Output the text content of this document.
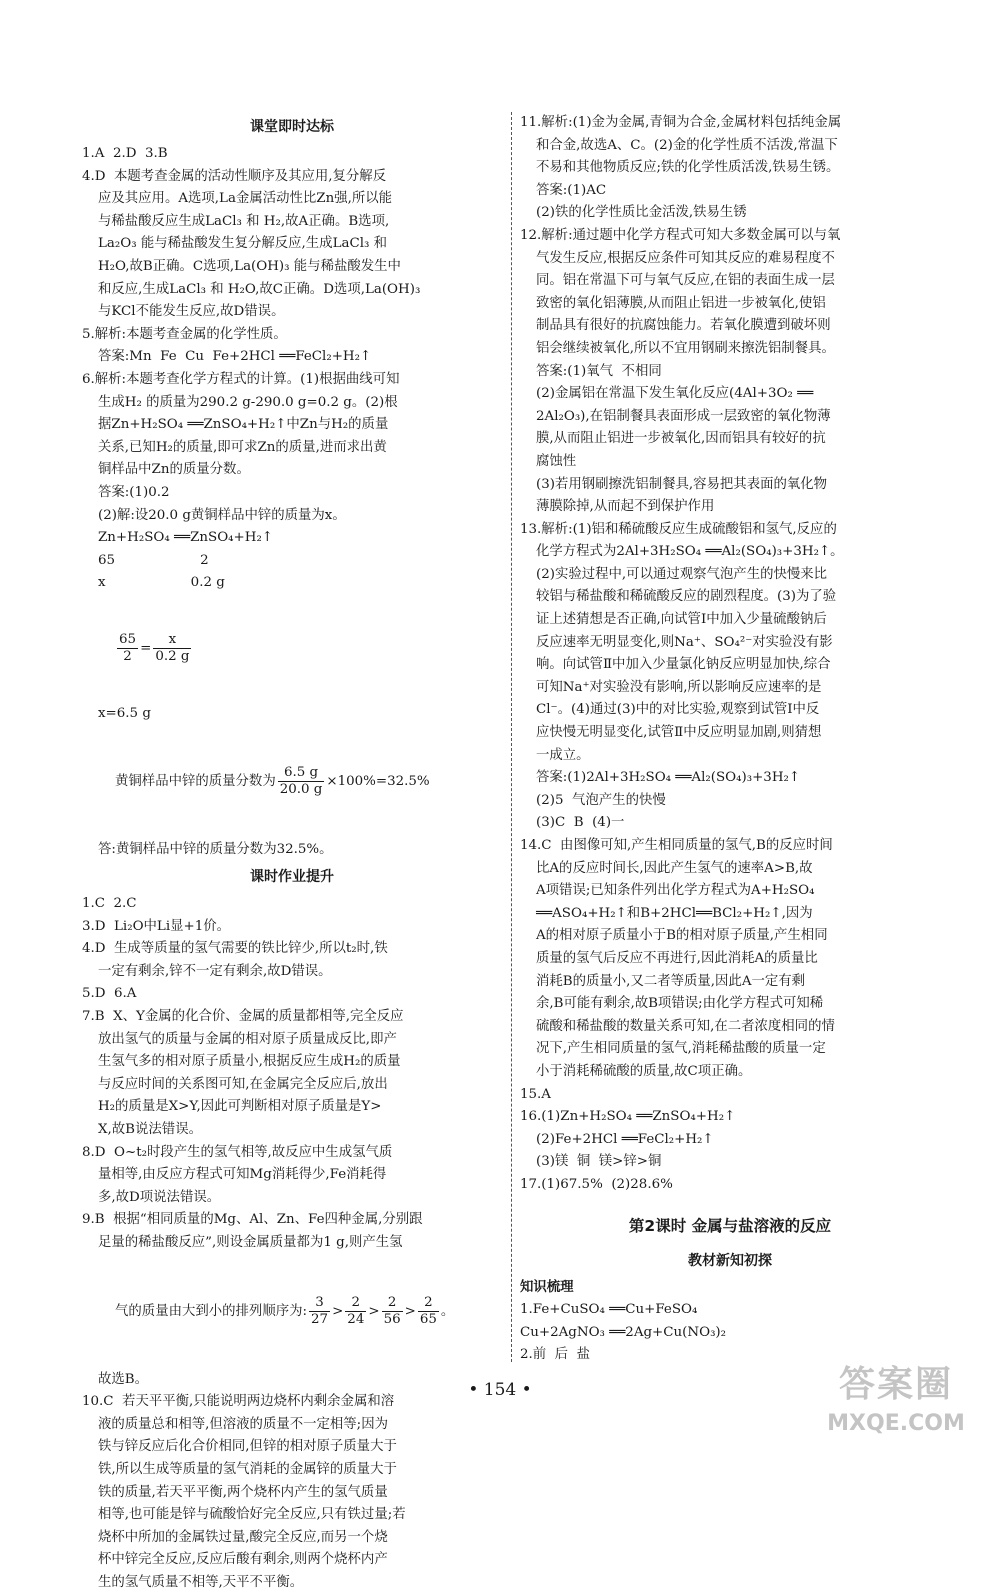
课堂即时达标

1.A  2.D  3.B

4.D  本题考查金属的活动性顺序及其应用,复分解反

应及其应用。A选项,La金属活动性比Zn强,所以能

与稀盐酸反应生成LaCl₃ 和 H₂,故A正确。B选项,

La₂O₃ 能与稀盐酸发生复分解反应,生成LaCl₃ 和

H₂O,故B正确。C选项,La(OH)₃ 能与稀盐酸发生中

和反应,生成LaCl₃ 和 H₂O,故C正确。D选项,La(OH)₃

与KCl不能发生反应,故D错误。

5.解析:本题考查金属的化学性质。

答案:Mn  Fe  Cu  Fe+2HCl ══FeCl₂+H₂↑

6.解析:本题考查化学方程式的计算。(1)根据曲线可知

生成H₂ 的质量为290.2 g-290.0 g=0.2 g。(2)根

据Zn+H₂SO₄ ══ZnSO₄+H₂↑中Zn与H₂的质量

关系,已知H₂的质量,即可求Zn的质量,进而求出黄

铜样品中Zn的质量分数。

答案:(1)0.2

(2)解:设20.0 g黄铜样品中锌的质量为x。

Zn+H₂SO₄ ══ZnSO₄+H₂↑

65                    2

x                    0.2 g

$\frac{65}{2} = \frac{x}{0.2 g}$

x=6.5 g

黄铜样品中锌的质量分数为 $\frac{6.5 g}{20.0 g} \times 100\%=32.5\%$

答:黄铜样品中锌的质量分数为32.5%。

课时作业提升

1.C  2.C

3.D  Li₂O中Li显+1价。

4.D  生成等质量的氢气需要的铁比锌少,所以t₂时,铁

一定有剩余,锌不一定有剩余,故D错误。

5.D  6.A

7.B  X、Y金属的化合价、金属的质量都相等,完全反应

放出氢气的质量与金属的相对原子质量成反比,即产

生氢气多的相对原子质量小,根据反应生成H₂的质量

与反应时间的关系图可知,在金属完全反应后,放出

H₂的质量是X>Y,因此可判断相对原子质量是Y>

X,故B说法错误。

8.D  O~t₂时段产生的氢气相等,故反应中生成氢气质

量相等,由反应方程式可知Mg消耗得少,Fe消耗得

多,故D项说法错误。

9.B  根据“相同质量的Mg、Al、Zn、Fe四种金属,分别跟

足量的稀盐酸反应”,则设金属质量都为1 g,则产生氢

气的质量由大到小的排列顺序为: $\frac{3}{27} > \frac{2}{24} > \frac{2}{56} > \frac{2}{65}$ 。

故选B。

10.C  若天平平衡,只能说明两边烧杯内剩余金属和溶

液的质量总和相等,但溶液的质量不一定相等;因为

铁与锌反应后化合价相同,但锌的相对原子质量大于

铁,所以生成等质量的氢气消耗的金属锌的质量大于

铁的质量,若天平平衡,两个烧杯内产生的氢气质量

相等,也可能是锌与硫酸恰好完全反应,只有铁过量;若

烧杯中所加的金属铁过量,酸完全反应,而另一个烧

杯中锌完全反应,反应后酸有剩余,则两个烧杯内产

生的氢气质量不相等,天平不平衡。

11.解析:(1)金为金属,青铜为合金,金属材料包括纯金属

和合金,故选A、C。(2)金的化学性质不活泼,常温下

不易和其他物质反应;铁的化学性质活泼,铁易生锈。

答案:(1)AC

(2)铁的化学性质比金活泼,铁易生锈

12.解析:通过题中化学方程式可知大多数金属可以与氧

气发生反应,根据反应条件可知其反应的难易程度不

同。铝在常温下可与氧气反应,在铝的表面生成一层

致密的氧化铝薄膜,从而阻止铝进一步被氧化,使铝

制品具有很好的抗腐蚀能力。若氧化膜遭到破坏则

铝会继续被氧化,所以不宜用钢刷来擦洗铝制餐具。

答案:(1)氧气  不相同

(2)金属铝在常温下发生氧化反应(4Al+3O₂ ══

2Al₂O₃),在铝制餐具表面形成一层致密的氧化物薄

膜,从而阻止铝进一步被氧化,因而铝具有较好的抗

腐蚀性

(3)若用钢刷擦洗铝制餐具,容易把其表面的氧化物

薄膜除掉,从而起不到保护作用

13.解析:(1)铝和稀硫酸反应生成硫酸铝和氢气,反应的

化学方程式为2Al+3H₂SO₄ ══Al₂(SO₄)₃+3H₂↑。

(2)实验过程中,可以通过观察气泡产生的快慢来比

较铝与稀盐酸和稀硫酸反应的剧烈程度。(3)为了验

证上述猜想是否正确,向试管Ⅰ中加入少量硫酸钠后

反应速率无明显变化,则Na⁺、SO₄²⁻对实验没有影

响。向试管Ⅱ中加入少量氯化钠反应明显加快,综合

可知Na⁺对实验没有影响,所以影响反应速率的是

Cl⁻。(4)通过(3)中的对比实验,观察到试管Ⅰ中反

应快慢无明显变化,试管Ⅱ中反应明显加剧,则猜想

一成立。

答案:(1)2Al+3H₂SO₄ ══Al₂(SO₄)₃+3H₂↑

(2)5  气泡产生的快慢

(3)C  B  (4)一

14.C  由图像可知,产生相同质量的氢气,B的反应时间

比A的反应时间长,因此产生氢气的速率A>B,故

A项错误;已知条件列出化学方程式为A+H₂SO₄

══ASO₄+H₂↑和B+2HCl══BCl₂+H₂↑,因为

A的相对原子质量小于B的相对原子质量,产生相同

质量的氢气后反应不再进行,因此消耗A的质量比

消耗B的质量小,又二者等质量,因此A一定有剩

余,B可能有剩余,故B项错误;由化学方程式可知稀

硫酸和稀盐酸的数量关系可知,在二者浓度相同的情

况下,产生相同质量的氢气,消耗稀盐酸的质量一定

小于消耗稀硫酸的质量,故C项正确。

15.A

16.(1)Zn+H₂SO₄ ══ZnSO₄+H₂↑

(2)Fe+2HCl ══FeCl₂+H₂↑

(3)镁  铜  镁>锌>铜

17.(1)67.5%  (2)28.6%

第2课时 金属与盐溶液的反应
教材新知初探
知识梳理

1.Fe+CuSO₄ ══Cu+FeSO₄

Cu+2AgNO₃ ══2Ag+Cu(NO₃)₂

2.前  后  盐

• 154 •	答案圈
MXQE.COM
